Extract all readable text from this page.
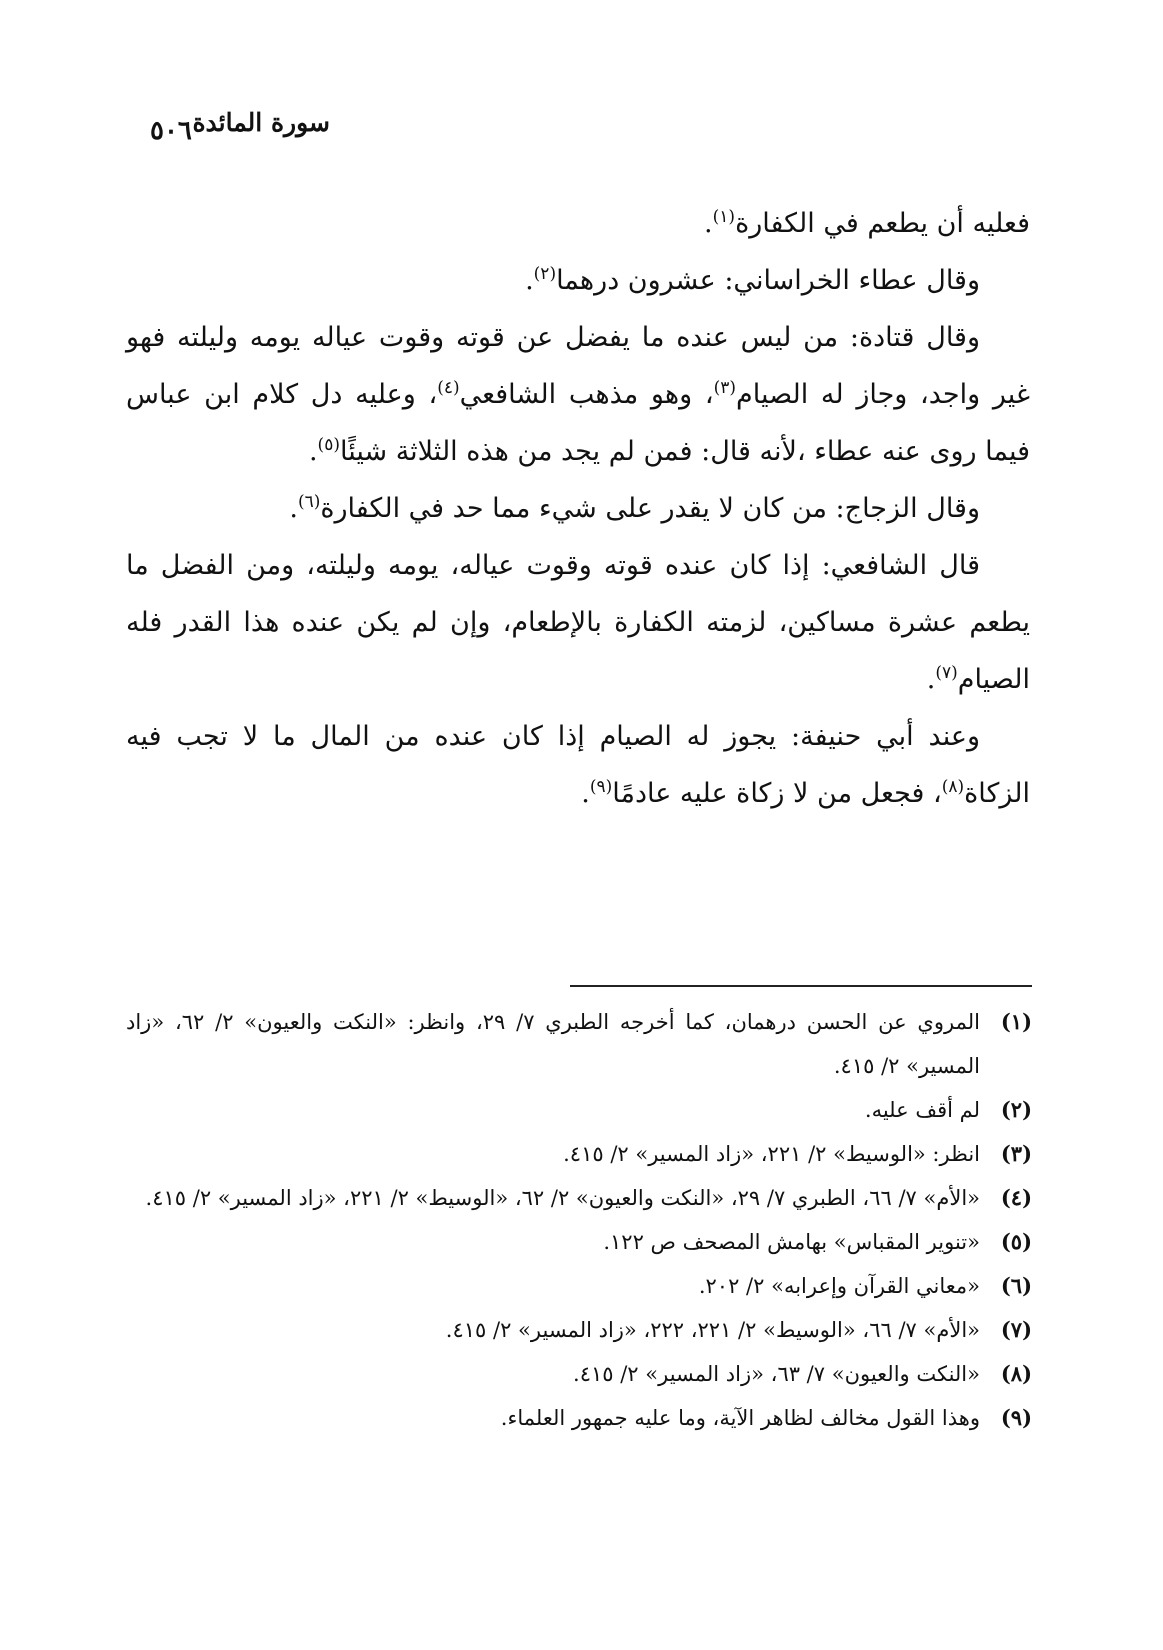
سورة المائدة
٥٠٦

فعليه أن يطعم في الكفارة$^{(١)}$.

وقال عطاء الخراساني: عشرون درهما$^{(٢)}$.

وقال قتادة: من ليس عنده ما يفضل عن قوته وقوت عياله يومه وليلته فهو غير واجد، وجاز له الصيام$^{(٣)}$، وهو مذهب الشافعي$^{(٤)}$، وعليه دل كلام ابن عباس فيما روى عنه عطاء ،لأنه قال: فمن لم يجد من هذه الثلاثة شيئًا$^{(٥)}$.

وقال الزجاج: من كان لا يقدر على شيء مما حد في الكفارة$^{(٦)}$.

قال الشافعي: إذا كان عنده قوته وقوت عياله، يومه وليلته، ومن الفضل ما يطعم عشرة مساكين، لزمته الكفارة بالإطعام، وإن لم يكن عنده هذا القدر فله الصيام$^{(٧)}$.

وعند أبي حنيفة: يجوز له الصيام إذا كان عنده من المال ما لا تجب فيه الزكاة$^{(٨)}$، فجعل من لا زكاة عليه عادمًا$^{(٩)}$.

(١)
المروي عن الحسن درهمان، كما أخرجه الطبري ٧/ ٢٩، وانظر: «النكت والعيون» ٢/ ٦٢، «زاد المسير» ٢/ ٤١٥.
(٢)
لم أقف عليه.
(٣)
انظر: «الوسيط» ٢/ ٢٢١، «زاد المسير» ٢/ ٤١٥.
(٤)
«الأم» ٧/ ٦٦، الطبري ٧/ ٢٩، «النكت والعيون» ٢/ ٦٢، «الوسيط» ٢/ ٢٢١، «زاد المسير» ٢/ ٤١٥.
(٥)
«تنوير المقباس» بهامش المصحف ص ١٢٢.
(٦)
«معاني القرآن وإعرابه» ٢/ ٢٠٢.
(٧)
«الأم» ٧/ ٦٦، «الوسيط» ٢/ ٢٢١، ٢٢٢، «زاد المسير» ٢/ ٤١٥.
(٨)
«النكت والعيون» ٧/ ٦٣، «زاد المسير» ٢/ ٤١٥.
(٩)
وهذا القول مخالف لظاهر الآية، وما عليه جمهور العلماء.
